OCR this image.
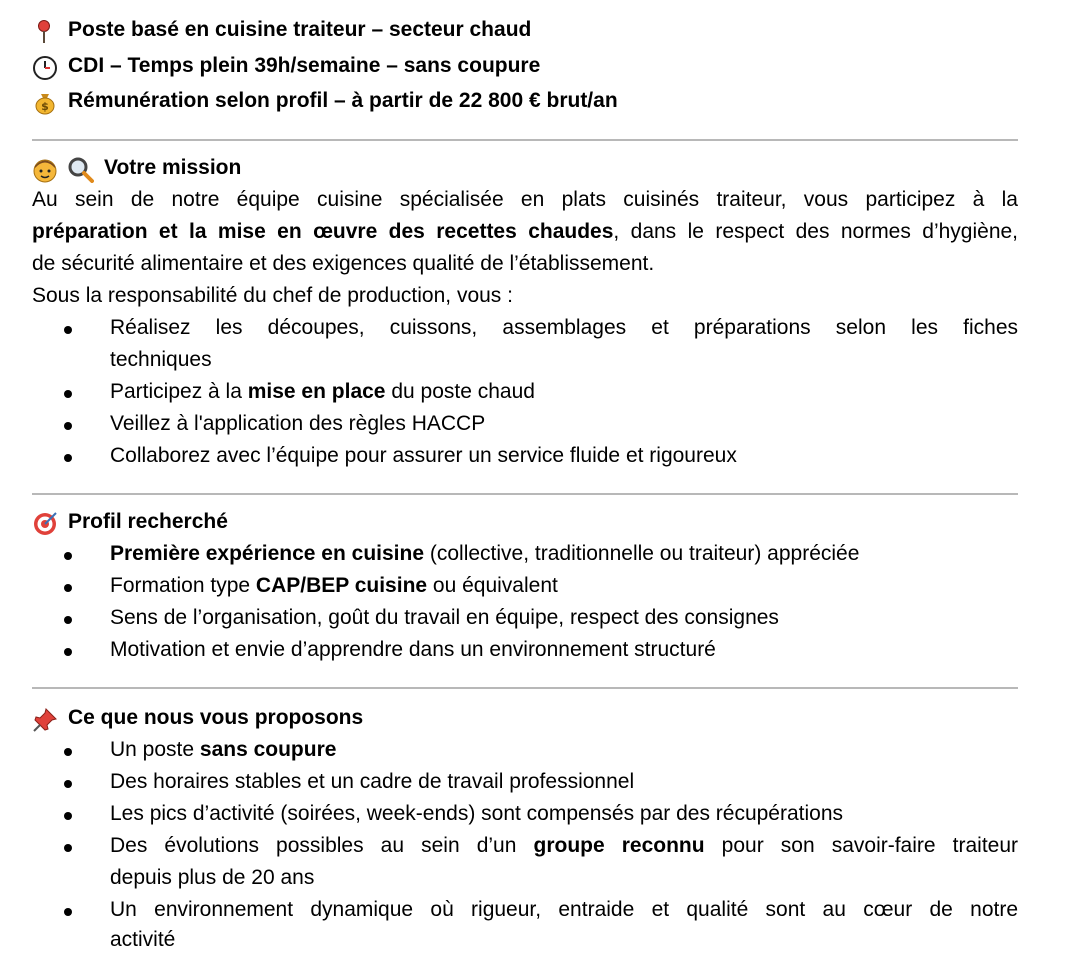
Poste basé en cuisine traiteur – secteur chaud
CDI – Temps plein 39h/semaine – sans coupure
$ Rémunération selon profil – à partir de 22 800 € brut/an
Votre mission
Au sein de notre équipe cuisine spécialisée en plats cuisinés traiteur, vous participez à la
préparation et la mise en œuvre des recettes chaudes, dans le respect des normes d’hygiène,
de sécurité alimentaire et des exigences qualité de l’établissement.
Sous la responsabilité du chef de production, vous :
Réalisez les découpes, cuissons, assemblages et préparations selon les fiches
techniques
Participez à la mise en place du poste chaud
Veillez à l'application des règles HACCP
Collaborez avec l’équipe pour assurer un service fluide et rigoureux
Profil recherché
Première expérience en cuisine (collective, traditionnelle ou traiteur) appréciée
Formation type CAP/BEP cuisine ou équivalent
Sens de l’organisation, goût du travail en équipe, respect des consignes
Motivation et envie d’apprendre dans un environnement structuré
Ce que nous vous proposons
Un poste sans coupure
Des horaires stables et un cadre de travail professionnel
Les pics d’activité (soirées, week-ends) sont compensés par des récupérations
Des évolutions possibles au sein d’un groupe reconnu pour son savoir-faire traiteur
depuis plus de 20 ans
Un environnement dynamique où rigueur, entraide et qualité sont au cœur de notre
activité
